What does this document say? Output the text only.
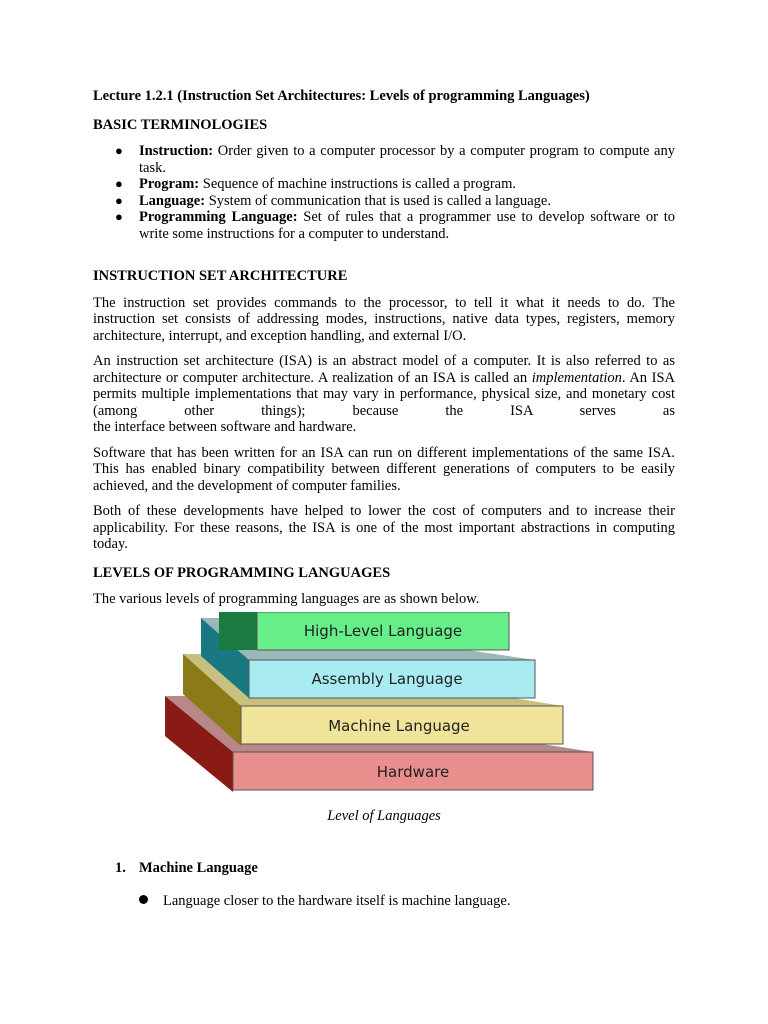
Lecture 1.2.1 (Instruction Set Architectures: Levels of programming Languages)
BASIC TERMINOLOGIES
● Instruction: Order given to a computer processor by a computer program to compute any task.
● Program: Sequence of machine instructions is called a program.
● Language: System of communication that is used is called a language.
● Programming Language: Set of rules that a programmer use to develop software or to write some instructions for a computer to understand.
INSTRUCTION SET ARCHITECTURE

The instruction set provides commands to the processor, to tell it what it needs to do. The instruction set consists of addressing modes, instructions, native data types, registers, memory architecture, interrupt, and exception handling, and external I/O.

An instruction set architecture (ISA) is an abstract model of a computer. It is also referred to as architecture or computer architecture. A realization of an ISA is called an implementation. An ISA permits multiple implementations that may vary in performance, physical size, and monetary cost (among other things); because the ISA serves as

the interface between software and hardware.

Software that has been written for an ISA can run on different implementations of the same ISA. This has enabled binary compatibility between different generations of computers to be easily achieved, and the development of computer families.

Both of these developments have helped to lower the cost of computers and to increase their applicability. For these reasons, the ISA is one of the most important abstractions in computing today.

LEVELS OF PROGRAMMING LANGUAGES

The various levels of programming languages are as shown below.

Hardware
Machine Language
Assembly Language
High-Level Language
Level of Languages
1. Machine Language
Language closer to the hardware itself is machine language.
